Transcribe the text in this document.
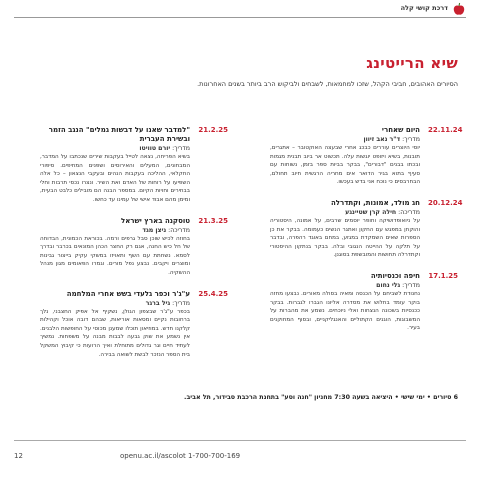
דרכת קושי קלה
שיא הרייטינג
הסיורים האהובים, חביבי הקהל, שזכו למחמאות, לשבחים ולביקוש הרב ביותר בשנים האחרונות.
22.11.24
היום שאחרי
מדריך: ד"ר נאב זיוון
יוסי היוצרים עוררים כבכג אחרי שבעצה האוקטובר – אתגרים, תובנות, בשיא ויזופט יוגשות עלה. תכשוט אר ביוב תבנית מגמות ובכתו בבנים "דבורים", בבקר בביות ספר בזמן, נשוחות עם סעיף בתוא בגיר הדואר אים מחריה הרגשית חיוב תחולם, הבחרבסים כי נוכח אני בדש בעכשו.
20.12.24
חג מולד, אמונות, וקתדרלה
מדריכה: חילה קרן שטיינגע
על ניואופדושיקה וחופר יוסמים שרבים, על אמונה, היסטוריה והוקחן במפגש עם החקון ואתגר הנשים כעמומה. בבקר את כן הספרות שאים השמקדת במגזע, במחם באוגד רהפרה, ובדבר על תלקה על ההייטה הנגובי ובלה. בבקר בנתקון ההיסטורי וקתדרלה תחושות והמובשפת בסוגנן.
17.1.25
חיפה וכנסיותיה
מדריך: גלי נחום
נחנודת לשביחם על הכנסה ומאיה בסולה מאורים. נבצעו מחזה בוקר עומד בחלוש את מסדרה אליונו הגברו לגברות. בבקר ככנסיות בשכונה הנצחות ואלי ניוכחים. נשמע את מהברות על המשבוגות, הוגנים הקתוליים והאנגליקניים, ובסוף המחוקנים בעיר.
21.2.25
"למדבר שאנו על דבשות גמלים" הנגב הזמר ובשירת העברית
מדריך: יורם טוויטו
בשיא הפריחה, נצאה לטייל בעקבות שירים שנכתבו על המדבר, המבחונים, המעלים והאירוסים ושפנים המחיפים. סיפורי החקלאי, ההליכה בעקבות הנהים ובעקבי הנצאון – כל אלה השפיעו על רוחות של האדם ואת השיר. ונצרו נכסי תרבות וחלי בבחירים וחויות הקיום. במספר הבנה הם מובילים כלבט הבעית, ומימן מהם אבוד אישי של עמינו עד כחשו.
21.3.25
טוסקנה בארץ ישראל
מדריכה: ניצן מגד
בחוזה לכיש שוכן סבל גרפים ורמה. בכוראת הכמונית, הבדוחה של חל כיש החנה, אגם רק החצר הכהן המונאים בכרבר ובדרך לסמא. נשחתת עם השף ותאויזו במשקי עקיק בייצור גבינות ומוצרים ויקבים. נבצע נפל מורים. וגמרו הפאומים מגון מנהל ההשקיה.
25.4.25
ע"ג'ר וכפר גלעדי בשש אחרי המלחמה
מדריך: גיל ברגר
בכפר ע"ג'ר שבצפון הגולן, נשקיף אל אפיק החצבני, נלך ברחובות נקיים ומסאות אוריאות, שבהם דובה אוכל וקהילות קלקנו חדש. במוזיאון תוכלו שמענן מכוסי על החופשות הלבנים. אין נשמע את שוק גבעה לבבות מבנה על משפחות. נמשיך לעתיד חיים וגר גדולים מתוחלת ואיך הרועות כי קיבוץ המשקל בית הספר הנזכר לבשת לשואה בבירה.
6 סיורים • ימי שישי • היציאה בשעה 7:30 מחניון "חנה וסע" בתחנת הרכבת סבידור, תל אביב.
12	openu.ac.il/ascolot 1-700-700-169
